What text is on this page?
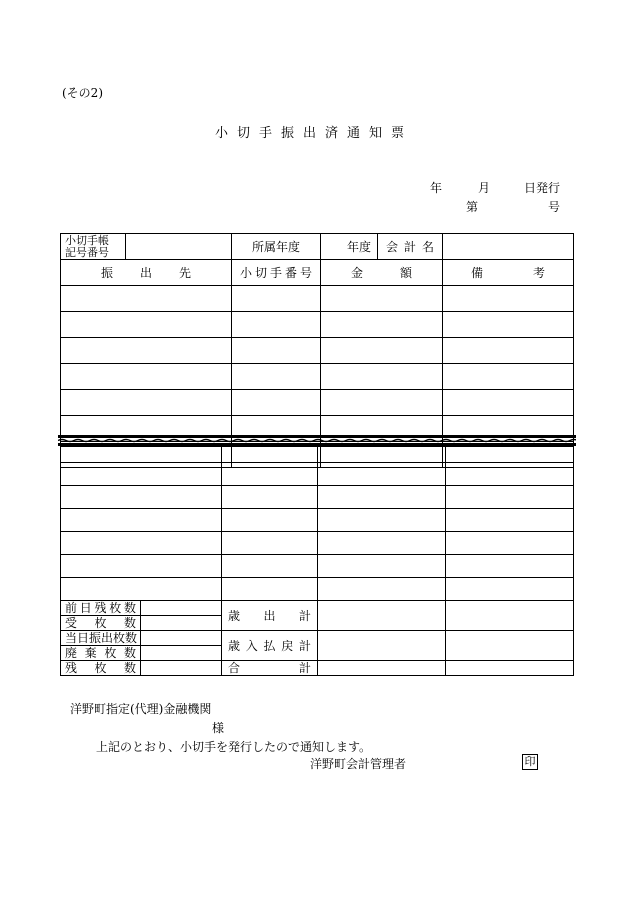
(その2)
小切手振出済通知票
年	月	日発行
第	号
小切手帳
記号番号		所属年度	年度	会計名	
振出先		小切手番号	金額		備考

前日残枚数		歳出計		
受枚数				
当日振出枚数		歳入払戻計		
廃棄枚数				
残枚数		合計		
洋野町指定(代理)金融機関
様
上記のとおり、小切手を発行したので通知します。
洋野町会計管理者	印
